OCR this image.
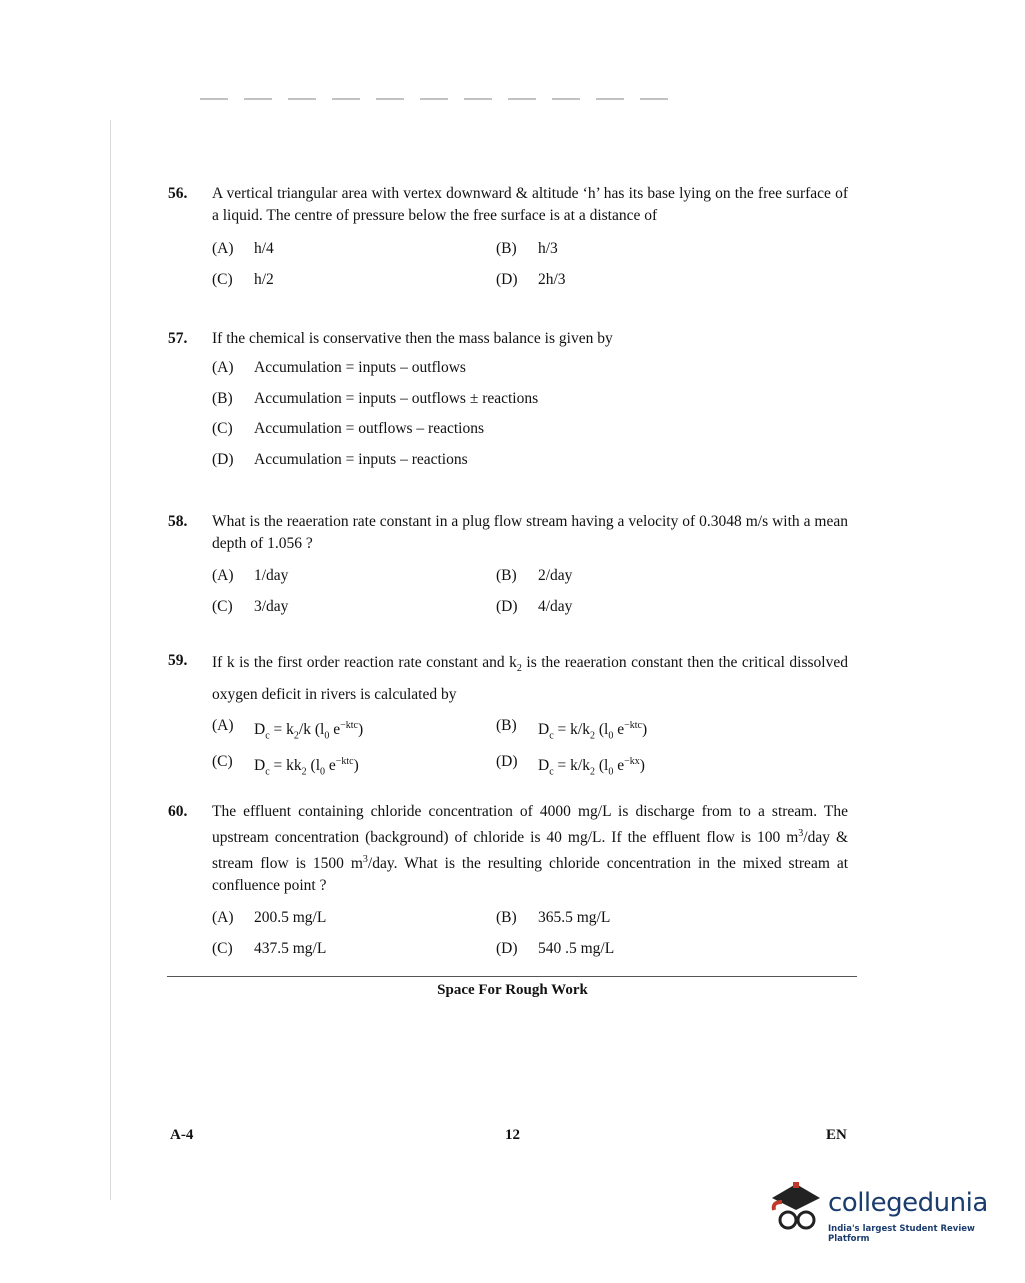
56. A vertical triangular area with vertex downward & altitude ‘h’ has its base lying on the free surface of a liquid. The centre of pressure below the free surface is at a distance of
(A)	h/4	(B)	h/3
(C)	h/2	(D)	2h/3
57. If the chemical is conservative then the mass balance is given by
(A)	Accumulation = inputs – outflows
(B)	Accumulation = inputs – outflows ± reactions
(C)	Accumulation = outflows – reactions
(D)	Accumulation = inputs – reactions
58. What is the reaeration rate constant in a plug flow stream having a velocity of 0.3048 m/s with a mean depth of 1.056 ?
(A)	1/day	(B)	2/day
(C)	3/day	(D)	4/day
59. If k is the first order reaction rate constant and $k_2$ is the reaeration constant then the critical dissolved oxygen deficit in rivers is calculated by
(A)	$D_c = k_2/k$ ($l_0$ $e^{-ktc}$)	(B)	$D_c = k/k_2$ ($l_0$ $e^{-ktc}$)
(C)	$D_c = kk_2$ ($l_0$ $e^{-ktc}$)	(D)	$D_c = k/k_2$ ($l_0$ $e^{-kx}$)
60. The effluent containing chloride concentration of 4000 mg/L is discharge from to a stream. The upstream concentration (background) of chloride is 40 mg/L. If the effluent flow is 100 $m^3$/day & stream flow is 1500 $m^3$/day. What is the resulting chloride concentration in the mixed stream at confluence point ?
(A)	200.5 mg/L	(B)	365.5 mg/L
(C)	437.5 mg/L	(D)	540 .5 mg/L
Space For Rough Work
A-4	12	EN
collegedunia
India's largest Student Review Platform
